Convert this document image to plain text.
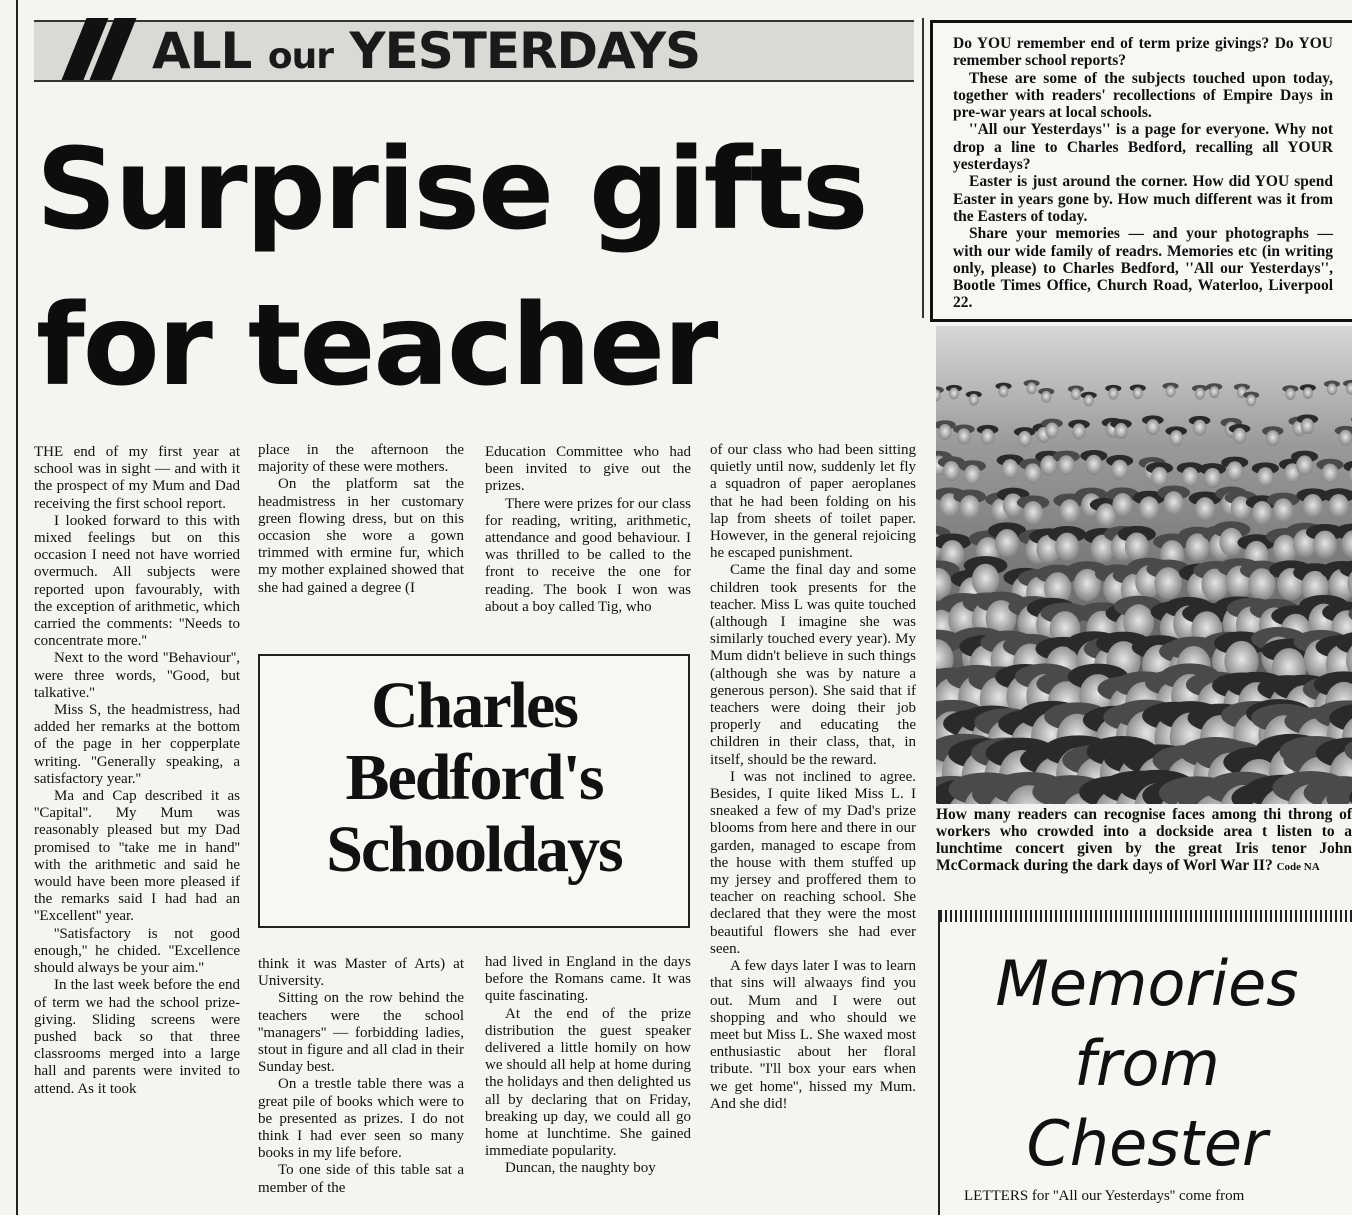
ALL our YESTERDAYS
Surprise gifts
for teacher

THE end of my first year at school was in sight — and with it the prospect of my Mum and Dad receiving the first school report.

I looked forward to this with mixed feelings but on this occasion I need not have worried overmuch. All subjects were reported upon favourably, with the exception of arithmetic, which carried the comments: ''Needs to concentrate more.''

Next to the word ''Behaviour'', were three words, ''Good, but talkative.''

Miss S, the headmistress, had added her remarks at the bottom of the page in her copperplate writing. ''Generally speaking, a satisfactory year.''

Ma and Cap described it as ''Capital''. My Mum was reasonably pleased but my Dad promised to ''take me in hand'' with the arithmetic and said he would have been more pleased if the remarks said I had had an ''Excellent'' year.

''Satisfactory is not good enough,'' he chided. ''Excellence should always be your aim.''

In the last week before the end of term we had the school prize-giving. Sliding screens were pushed back so that three classrooms merged into a large hall and parents were invited to attend. As it took

place in the afternoon the majority of these were mothers.

On the platform sat the headmistress in her customary green flowing dress, but on this occasion she wore a gown trimmed with ermine fur, which my mother explained showed that she had gained a degree (I

Education Committee who had been invited to give out the prizes.

There were prizes for our class for reading, writing, arithmetic, attendance and good behaviour. I was thrilled to be called to the front to receive the one for reading. The book I won was about a boy called Tig, who

of our class who had been sitting quietly until now, suddenly let fly a squadron of paper aeroplanes that he had been folding on his lap from sheets of toilet paper. However, in the general rejoicing he escaped punishment.

Came the final day and some children took presents for the teacher. Miss L was quite touched (although I imagine she was similarly touched every year). My Mum didn't believe in such things (although she was by nature a generous person). She said that if teachers were doing their job properly and educating the children in their class, that, in itself, should be the reward.

I was not inclined to agree. Besides, I quite liked Miss L. I sneaked a few of my Dad's prize blooms from here and there in our garden, managed to escape from the house with them stuffed up my jersey and proffered them to teacher on reaching school. She declared that they were the most beautiful flowers she had ever seen.

A few days later I was to learn that sins will alwaays find you out. Mum and I were out shopping and who should we meet but Miss L. She waxed most enthusiastic about her floral tribute. ''I'll box your ears when we get home'', hissed my Mum. And she did!

Charles
Bedford's
Schooldays

think it was Master of Arts) at University.

Sitting on the row behind the teachers were the school ''managers'' — forbidding ladies, stout in figure and all clad in their Sunday best.

On a trestle table there was a great pile of books which were to be presented as prizes. I do not think I had ever seen so many books in my life before.

To one side of this table sat a member of the

had lived in England in the days before the Romans came. It was quite fascinating.

At the end of the prize distribution the guest speaker delivered a little homily on how we should all help at home during the holidays and then delighted us all by declaring that on Friday, breaking up day, we could all go home at lunchtime. She gained immediate popularity.

Duncan, the naughty boy

Do YOU remember end of term prize givings? Do YOU remember school reports?

These are some of the subjects touched upon today, together with readers' recollections of Empire Days in pre-war years at local schools.

''All our Yesterdays'' is a page for everyone. Why not drop a line to Charles Bedford, recalling all YOUR yesterdays?

Easter is just around the corner. How did YOU spend Easter in years gone by. How much different was it from the Easters of today.

Share your memories — and your photographs — with our wide family of readrs. Memories etc (in writing only, please) to Charles Bedford, ''All our Yesterdays'', Bootle Times Office, Church Road, Waterloo, Liverpool 22.

How many readers can recognise faces among thi throng of workers who crowded into a dockside area t listen to a lunchtime concert given by the great Iris tenor John McCormack during the dark days of Worl War II? Code NA
Memories
from
Chester
LETTERS for ''All our Yesterdays'' come from
